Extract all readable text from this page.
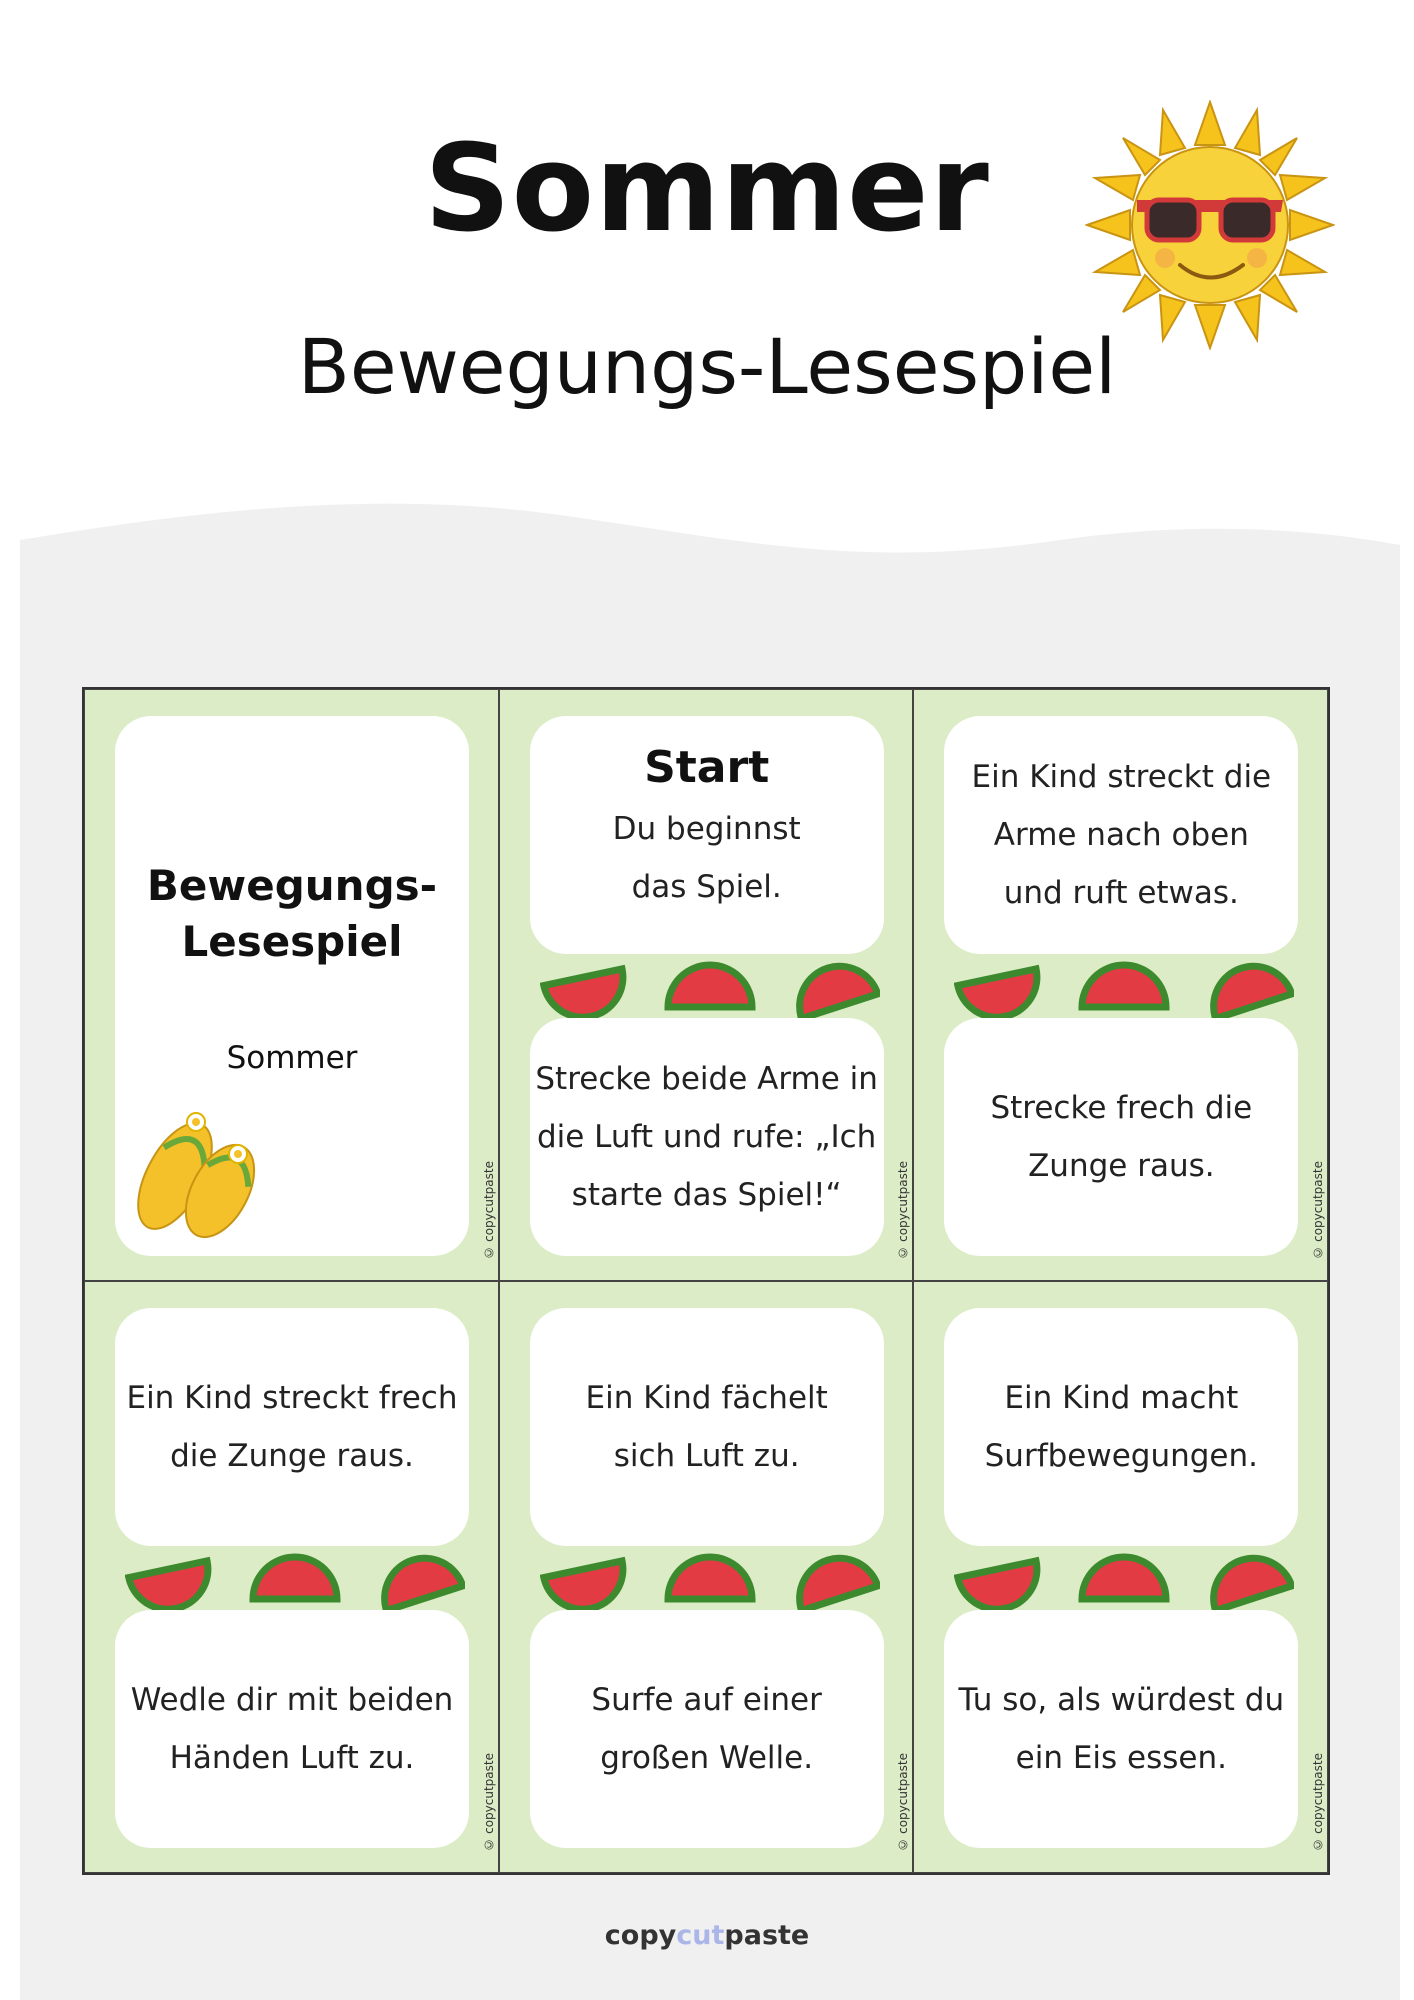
Sommer
Bewegungs-Lesespiel
Bewegungs-
Lesespiel
Sommer
© copycutpaste
Start
Du beginnst
das Spiel.
Strecke beide Arme in
die Luft und rufe: „Ich
starte das Spiel!“	© copycutpaste
Ein Kind streckt die
Arme nach oben
und ruft etwas.
Strecke frech die
Zunge raus.	© copycutpaste
Ein Kind streckt frech
die Zunge raus.
Wedle dir mit beiden
Händen Luft zu.	© copycutpaste
Ein Kind fächelt
sich Luft zu.
Surfe auf einer
großen Welle.	© copycutpaste
Ein Kind macht
Surfbewegungen.
Tu so, als würdest du
ein Eis essen.	© copycutpaste
copycutpaste
